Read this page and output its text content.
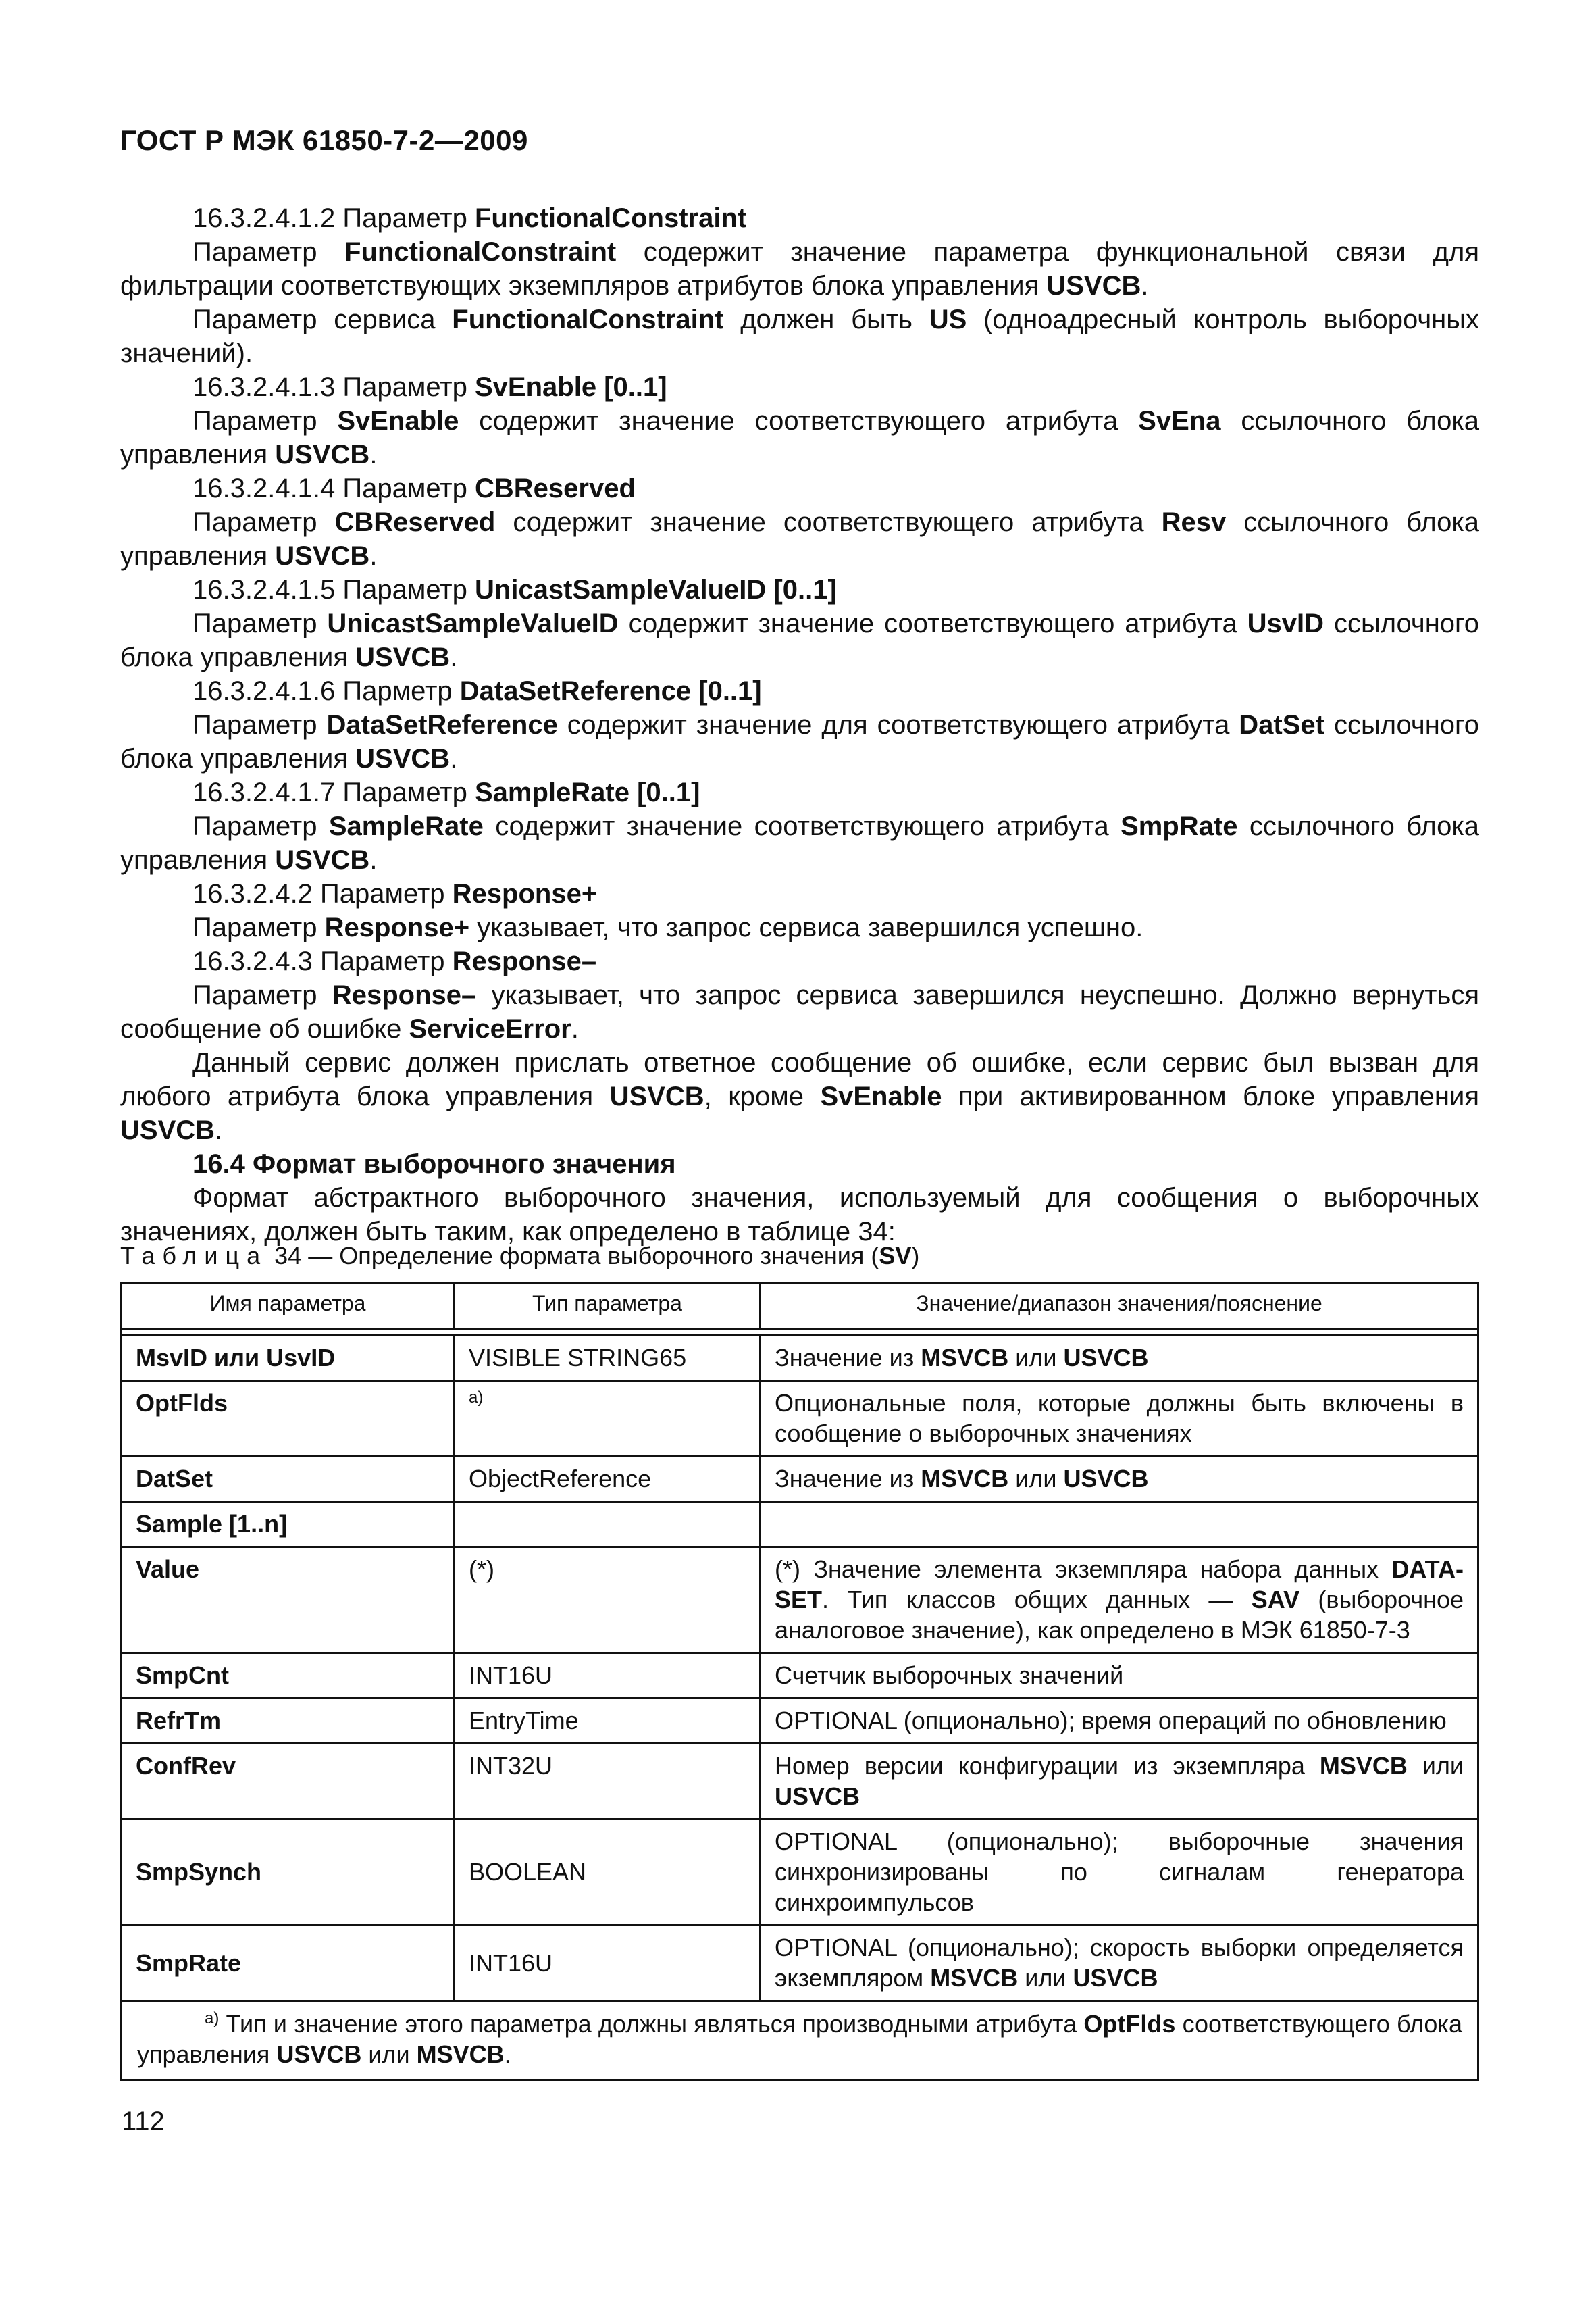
ГОСТ Р МЭК 61850-7-2—2009

16.3.2.4.1.2 Параметр FunctionalConstraint

Параметр FunctionalConstraint содержит значение параметра функциональной связи для фильтрации соответствующих экземпляров атрибутов блока управления USVCB.

Параметр сервиса FunctionalConstraint должен быть US (одноадресный контроль выборочных значений).

16.3.2.4.1.3 Параметр SvEnable [0..1]

Параметр SvEnable содержит значение соответствующего атрибута SvEna ссылочного блока управления USVCB.

16.3.2.4.1.4 Параметр CBReserved

Параметр CBReserved содержит значение соответствующего атрибута Resv ссылочного блока управления USVCB.

16.3.2.4.1.5 Параметр UnicastSampleValueID [0..1]

Параметр UnicastSampleValueID содержит значение соответствующего атрибута UsvID ссылочного блока управления USVCB.

16.3.2.4.1.6 Парметр DataSetReference [0..1]

Параметр DataSetReference содержит значение для соответствующего атрибута DatSet ссылочного блока управления USVCB.

16.3.2.4.1.7 Параметр SampleRate [0..1]

Параметр SampleRate содержит значение соответствующего атрибута SmpRate ссылочного блока управления USVCB.

16.3.2.4.2 Параметр Response+

Параметр Response+ указывает, что запрос сервиса завершился успешно.

16.3.2.4.3 Параметр Response–

Параметр Response– указывает, что запрос сервиса завершился неуспешно. Должно вернуться сообщение об ошибке ServiceError.

Данный сервис должен прислать ответное сообщение об ошибке, если сервис был вызван для любого атрибута блока управления USVCB, кроме SvEnable при активированном блоке управления USVCB.

16.4 Формат выборочного значения

Формат абстрактного выборочного значения, используемый для сообщения о выборочных значениях, должен быть таким, как определено в таблице 34:

Таблица 34 — Определение формата выборочного значения (SV)
Имя параметра	Тип параметра	Значение/диапазон значения/пояснение

MsvID или UsvID	VISIBLE STRING65	Значение из MSVCB или USVCB
OptFlds	$^{a)}$	Опциональные поля, которые должны быть включены в сообщение о выборочных значениях
DatSet	ObjectReference	Значение из MSVCB или USVCB
Sample [1..n]		
Value	(*)	(*) Значение элемента экземпляра набора данных DATA-SET. Тип классов общих данных — SAV (выборочное аналоговое значение), как определено в МЭК 61850-7-3
SmpCnt	INT16U	Счетчик выборочных значений
RefrTm	EntryTime	OPTIONAL (опционально); время операций по обновлению
ConfRev	INT32U	Номер версии конфигурации из экземпляра MSVCB или USVCB
SmpSynch	BOOLEAN	OPTIONAL (опционально); выборочные значения синхронизированы по сигналам генератора синхроимпульсов
SmpRate	INT16U	OPTIONAL (опционально); скорость выборки определяется экземпляром MSVCB или USVCB
$^{a)}$ Тип и значение этого параметра должны являться производными атрибута OptFlds соответствующего блока управления USVCB или MSVCB.		
112
